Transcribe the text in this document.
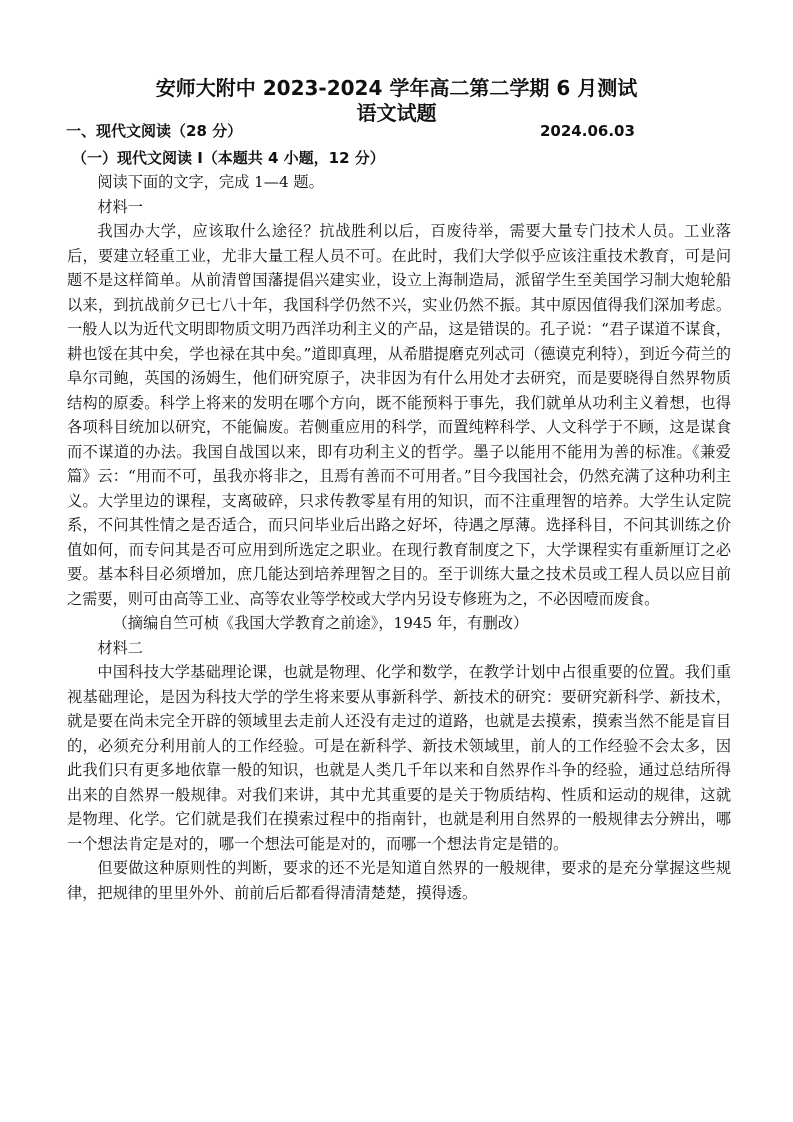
安师大附中 2023-2024 学年高二第二学期 6 月测试
语文试题
一、现代文阅读（28 分）	2024.06.03
（一）现代文阅读 I（本题共 4 小题，12 分）

阅读下面的文字，完成 1—4 题。

材料一

我国办大学，应该取什么途径？抗战胜利以后，百废待举，需要大量专门技术人员。工业落后，要建立轻重工业，尤非大量工程人员不可。在此时，我们大学似乎应该注重技术教育，可是问题不是这样简单。从前清曾国藩提倡兴建实业，设立上海制造局，派留学生至美国学习制大炮轮船以来，到抗战前夕已七八十年，我国科学仍然不兴，实业仍然不振。其中原因值得我们深加考虑。一般人以为近代文明即物质文明乃西洋功利主义的产品，这是错误的。孔子说：“君子谋道不谋食，耕也馁在其中矣，学也禄在其中矣。”道即真理，从希腊提磨克列忒司（德谟克利特），到近今荷兰的阜尔司鲍，英国的汤姆生，他们研究原子，决非因为有什么用处才去研究，而是要晓得自然界物质结构的原委。科学上将来的发明在哪个方向，既不能预料于事先，我们就单从功利主义着想，也得各项科目统加以研究，不能偏废。若侧重应用的科学，而置纯粹科学、人文科学于不顾，这是谋食而不谋道的办法。我国自战国以来，即有功利主义的哲学。墨子以能用不能用为善的标准。《兼爱篇》云：“用而不可，虽我亦将非之，且焉有善而不可用者。”目今我国社会，仍然充满了这种功利主义。大学里边的课程，支离破碎，只求传教零星有用的知识，而不注重理智的培养。大学生认定院系，不问其性情之是否适合，而只问毕业后出路之好坏，待遇之厚薄。选择科目，不问其训练之价值如何，而专问其是否可应用到所选定之职业。在现行教育制度之下，大学课程实有重新厘订之必要。基本科目必须增加，庶几能达到培养理智之目的。至于训练大量之技术员或工程人员以应目前之需要，则可由高等工业、高等农业等学校或大学内另设专修班为之，不必因噎而废食。

（摘编自竺可桢《我国大学教育之前途》，1945 年，有删改）

材料二

中国科技大学基础理论课，也就是物理、化学和数学，在教学计划中占很重要的位置。我们重视基础理论，是因为科技大学的学生将来要从事新科学、新技术的研究：要研究新科学、新技术，就是要在尚未完全开辟的领域里去走前人还没有走过的道路，也就是去摸索，摸索当然不能是盲目的，必须充分利用前人的工作经验。可是在新科学、新技术领域里，前人的工作经验不会太多，因此我们只有更多地依靠一般的知识，也就是人类几千年以来和自然界作斗争的经验，通过总结所得出来的自然界一般规律。对我们来讲，其中尤其重要的是关于物质结构、性质和运动的规律，这就是物理、化学。它们就是我们在摸索过程中的指南针，也就是利用自然界的一般规律去分辨出，哪一个想法肯定是对的，哪一个想法可能是对的，而哪一个想法肯定是错的。

但要做这种原则性的判断，要求的还不光是知道自然界的一般规律，要求的是充分掌握这些规律，把规律的里里外外、前前后后都看得清清楚楚，摸得透。
